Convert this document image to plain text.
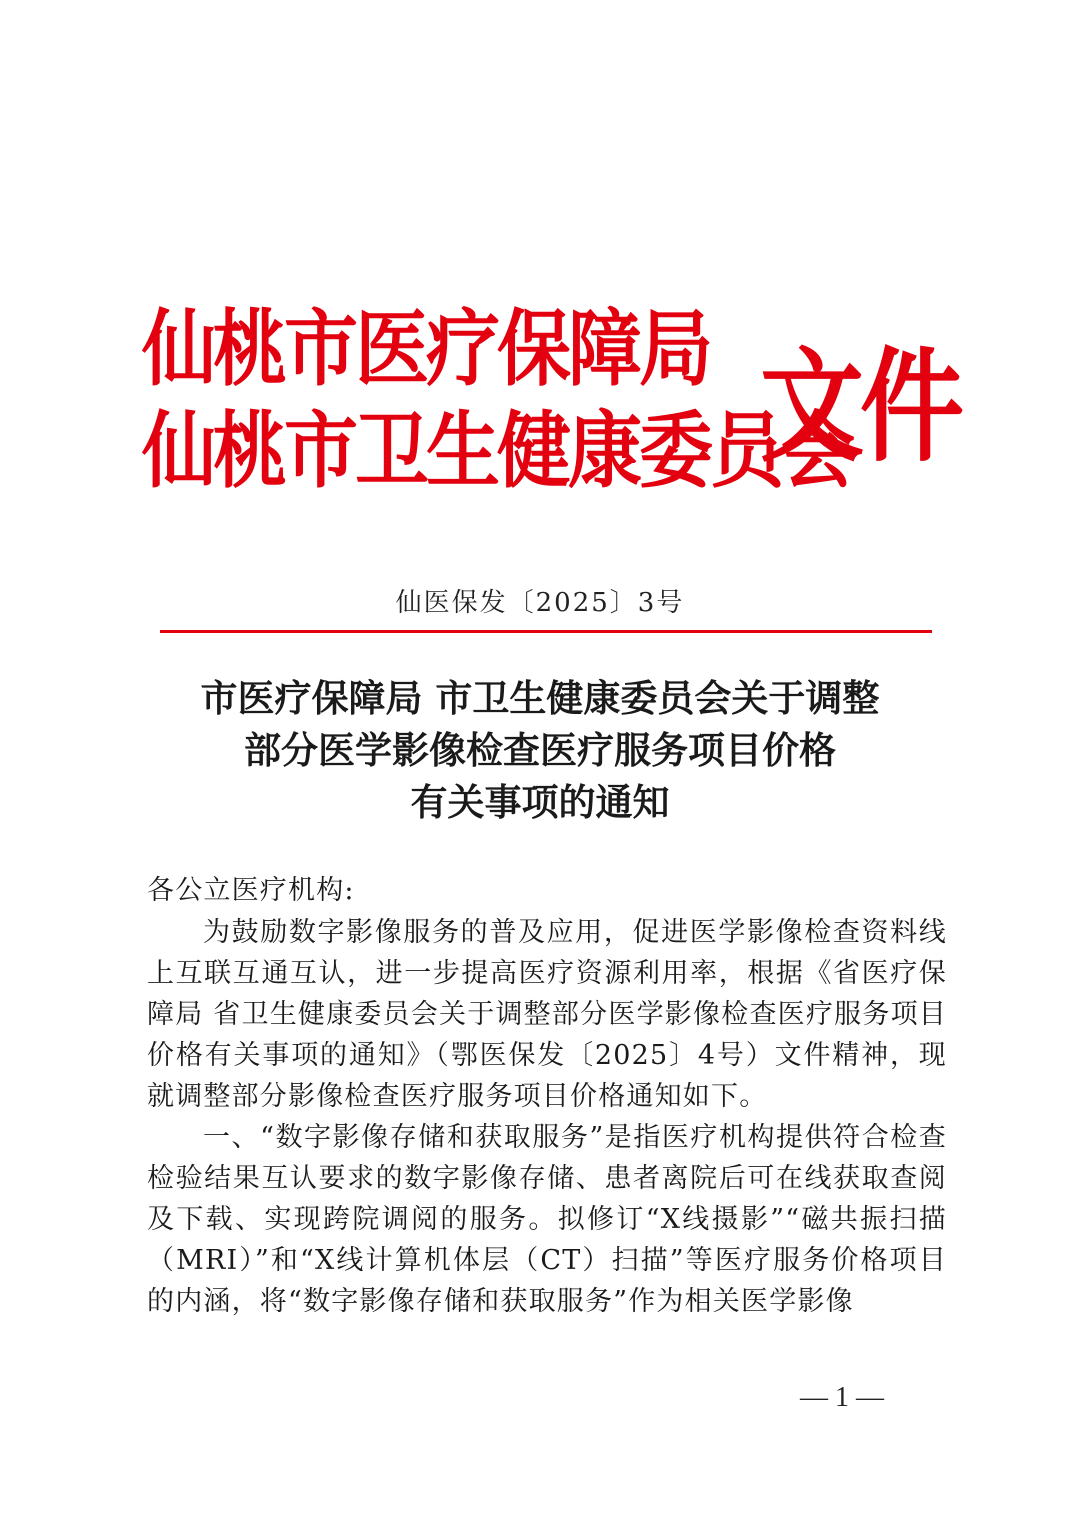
仙桃市医疗保障局
仙桃市卫生健康委员会
文件
仙医保发〔2025〕3号
市医疗保障局 市卫生健康委员会关于调整
部分医学影像检查医疗服务项目价格
有关事项的通知

各公立医疗机构:

为鼓励数字影像服务的普及应用，促进医学影像检查资料线上互联互通互认，进一步提高医疗资源利用率，根据《省医疗保障局 省卫生健康委员会关于调整部分医学影像检查医疗服务项目价格有关事项的通知》（鄂医保发〔2025〕4号）文件精神，现就调整部分影像检查医疗服务项目价格通知如下。

一、“数字影像存储和获取服务”是指医疗机构提供符合检查检验结果互认要求的数字影像存储、患者离院后可在线获取查阅及下载、实现跨院调阅的服务。拟修订“X线摄影”“磁共振扫描（MRI）”和“X线计算机体层（CT）扫描”等医疗服务价格项目的内涵，将“数字影像存储和获取服务”作为相关医学影像

— 1 —
